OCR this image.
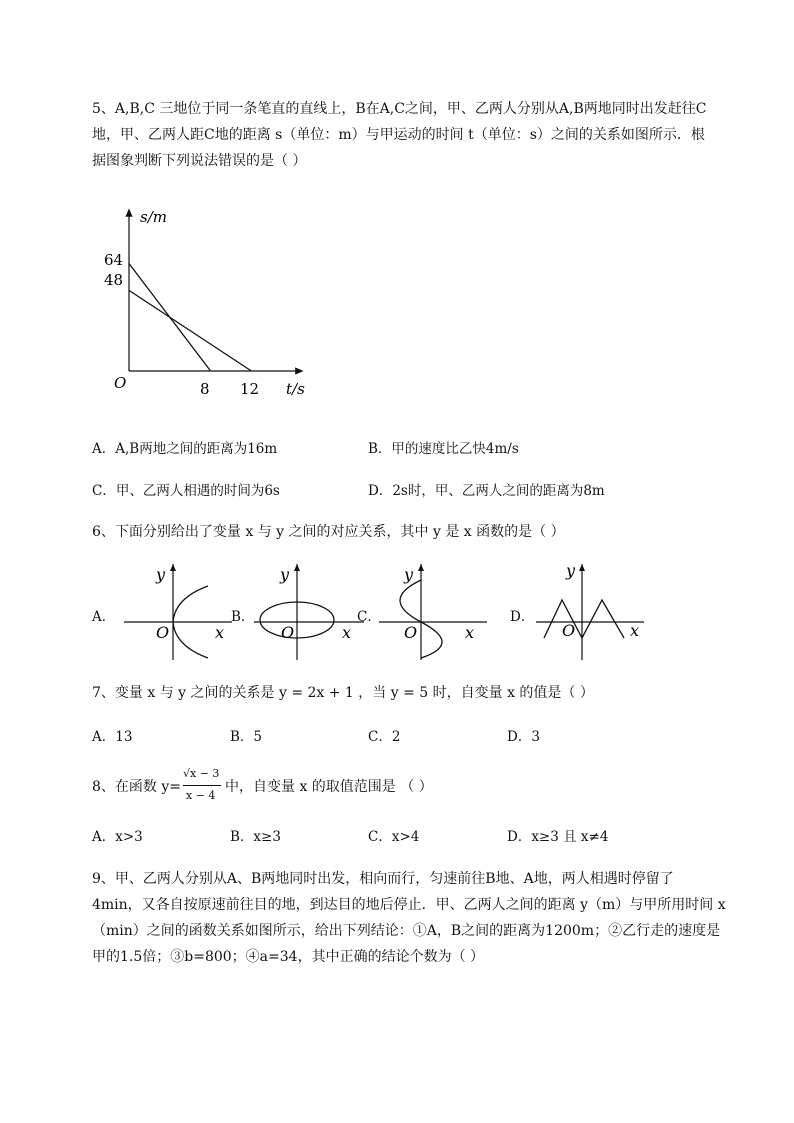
5、A,B,C 三地位于同一条笔直的直线上，B在A,C之间，甲、乙两人分别从A,B两地同时出发赶往C
地，甲、乙两人距C地的距离 s（单位：m）与甲运动的时间 t（单位：s）之间的关系如图所示．根
据图象判断下列说法错误的是（ ）
s/m
t/s
O
64
48
8 12
A．A,B两地之间的距离为16m	B．甲的速度比乙快4m/s
C．甲、乙两人相遇的时间为6s	D．2s时，甲、乙两人之间的距离为8m
6、下面分别给出了变量 x 与 y 之间的对应关系，其中 y 是 x 函数的是（ ）
A．
y
O	x
B．
y
O	x
C．
y
O	x
D．
y
O	x
7、变量 x 与 y 之间的关系是 y = 2x + 1 ，当 y = 5 时，自变量 x 的值是（ ）
A．13	B．5	C．2	D．3
8、在函数 y=
√x − 3
x − 4
中，自变量 x 的取值范围是 （ ）
A．x>3	B．x≥3	C．x>4	D．x≥3 且 x≠4
9、甲、乙两人分别从A、B两地同时出发，相向而行，匀速前往B地、A地，两人相遇时停留了
4min，又各自按原速前往目的地，到达目的地后停止．甲、乙两人之间的距离 y（m）与甲所用时间 x
（min）之间的函数关系如图所示，给出下列结论：①A，B之间的距离为1200m；②乙行走的速度是
甲的1.5倍；③b=800；④a=34，其中正确的结论个数为（ ）
